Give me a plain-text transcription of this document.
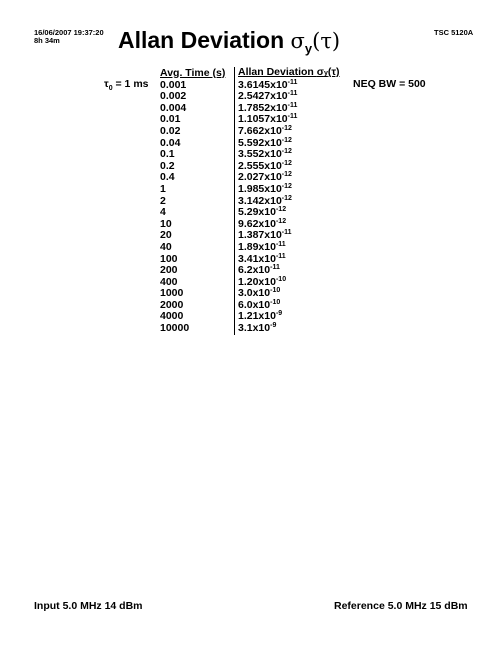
16/06/2007 19:37:20
8h 34m
TSC 5120A
Allan Deviation $\sigma_y(\tau)$
$\tau_0 = 1$ ms	NEQ BW = 500
Avg. Time (s)	Allan Deviation σy(τ)
0.001	$3.6145x10^{-11}$
0.002	$2.5427x10^{-11}$
0.004	$1.7852x10^{-11}$
0.01	$1.1057x10^{-11}$
0.02	$7.662x10^{-12}$
0.04	$5.592x10^{-12}$
0.1	$3.552x10^{-12}$
0.2	$2.555x10^{-12}$
0.4	$2.027x10^{-12}$
1	$1.985x10^{-12}$
2	$3.142x10^{-12}$
4	$5.29x10^{-12}$
10	$9.62x10^{-12}$
20	$1.387x10^{-11}$
40	$1.89x10^{-11}$
100	$3.41x10^{-11}$
200	$6.2x10^{-11}$
400	$1.20x10^{-10}$
1000	$3.0x10^{-10}$
2000	$6.0x10^{-10}$
4000	$1.21x10^{-9}$
10000	$3.1x10^{-9}$
Input 5.0 MHz 14 dBm	Reference 5.0 MHz 15 dBm
